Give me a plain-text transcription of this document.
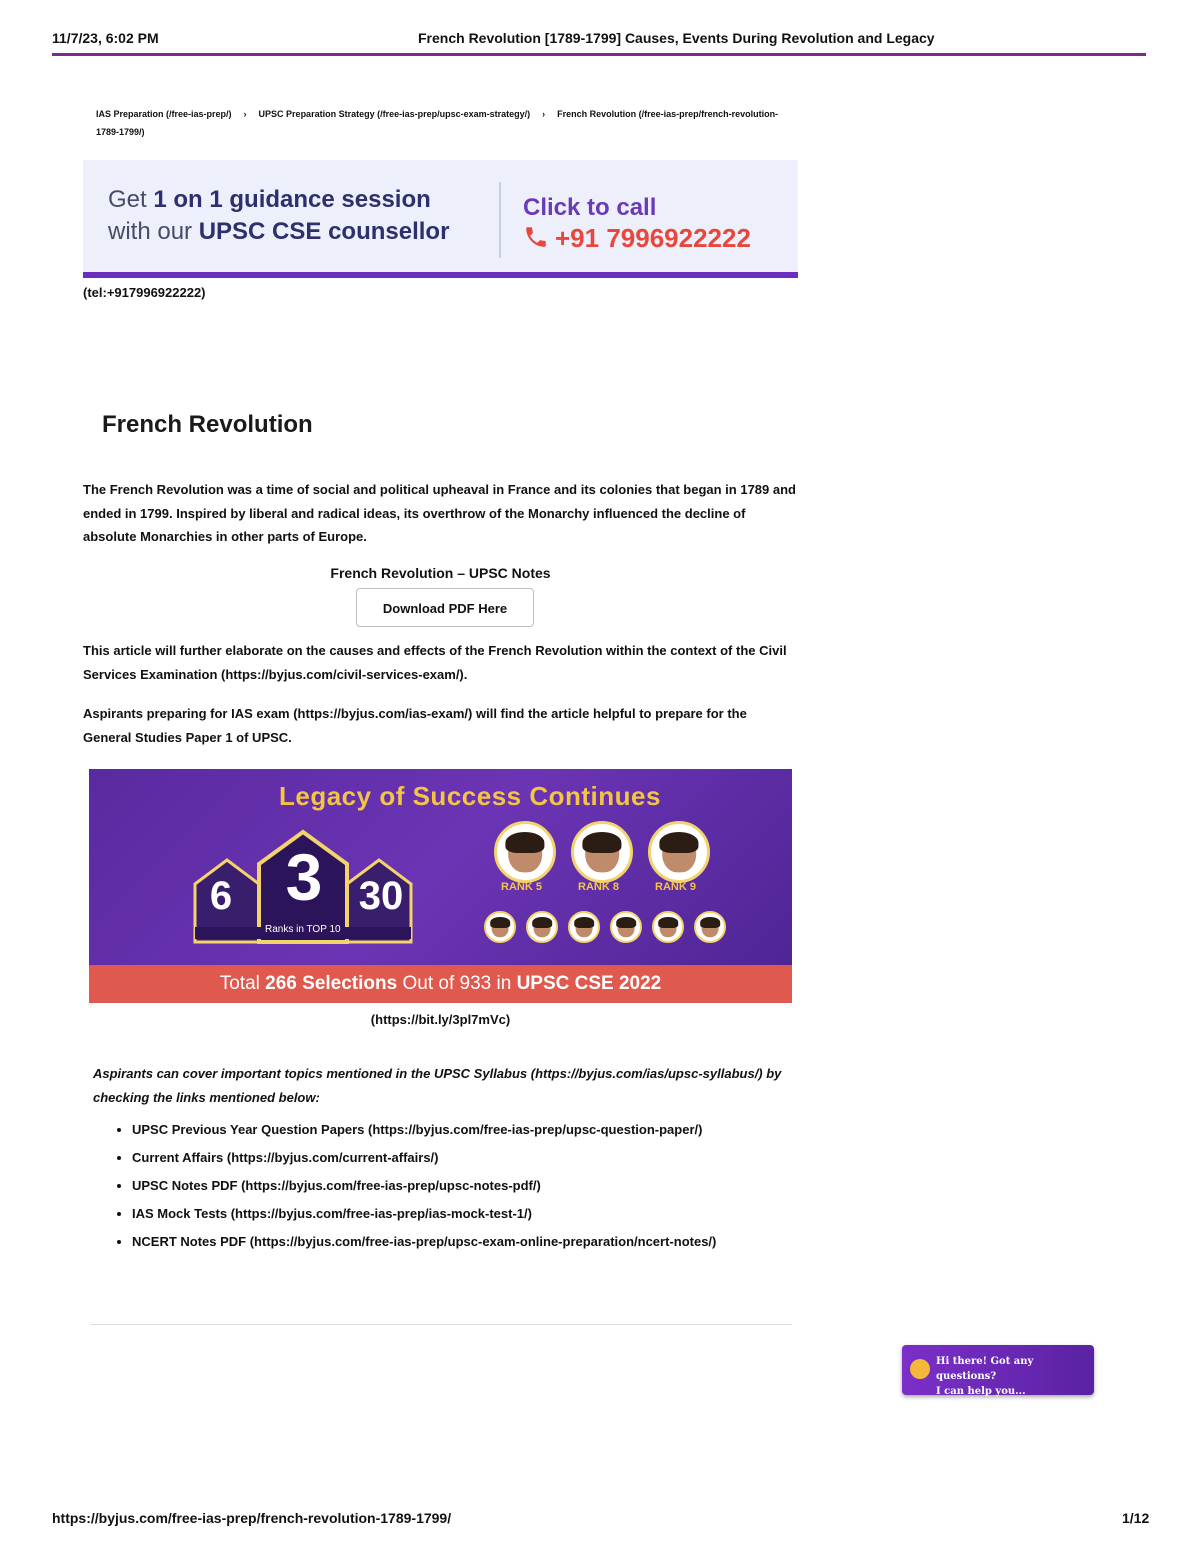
11/7/23, 6:02 PM	French Revolution [1789-1799] Causes, Events During Revolution and Legacy
IAS Preparation (/free-ias-prep/) › UPSC Preparation Strategy (/free-ias-prep/upsc-exam-strategy/) › French Revolution (/free-ias-prep/french-revolution-1789-1799/)
Get 1 on 1 guidance session
with our UPSC CSE counsellor
Click to call
+91 7996922222
(tel:+917996922222)
French Revolution
The French Revolution was a time of social and political upheaval in France and its colonies that began in 1789 and ended in 1799. Inspired by liberal and radical ideas, its overthrow of the Monarchy influenced the decline of absolute Monarchies in other parts of Europe.
French Revolution – UPSC Notes
Download PDF Here
This article will further elaborate on the causes and effects of the French Revolution within the context of the Civil Services Examination (https://byjus.com/civil-services-exam/).
Aspirants preparing for IAS exam (https://byjus.com/ias-exam/) will find the article helpful to prepare for the General Studies Paper 1 of UPSC.
Legacy of Success Continues
6 3 30
Ranks in TOP 10
RANK 5	RANK 8	RANK 9
Total 266 Selections Out of 933 in UPSC CSE 2022
(https://bit.ly/3pl7mVc)
Aspirants can cover important topics mentioned in the UPSC Syllabus (https://byjus.com/ias/upsc-syllabus/) by checking the links mentioned below:
• UPSC Previous Year Question Papers (https://byjus.com/free-ias-prep/upsc-question-paper/)
• Current Affairs (https://byjus.com/current-affairs/)
• UPSC Notes PDF (https://byjus.com/free-ias-prep/upsc-notes-pdf/)
• IAS Mock Tests (https://byjus.com/free-ias-prep/ias-mock-test-1/)
• NCERT Notes PDF (https://byjus.com/free-ias-prep/upsc-exam-online-preparation/ncert-notes/)
Hi there! Got any questions?
I can help you...
https://byjus.com/free-ias-prep/french-revolution-1789-1799/	1/12
